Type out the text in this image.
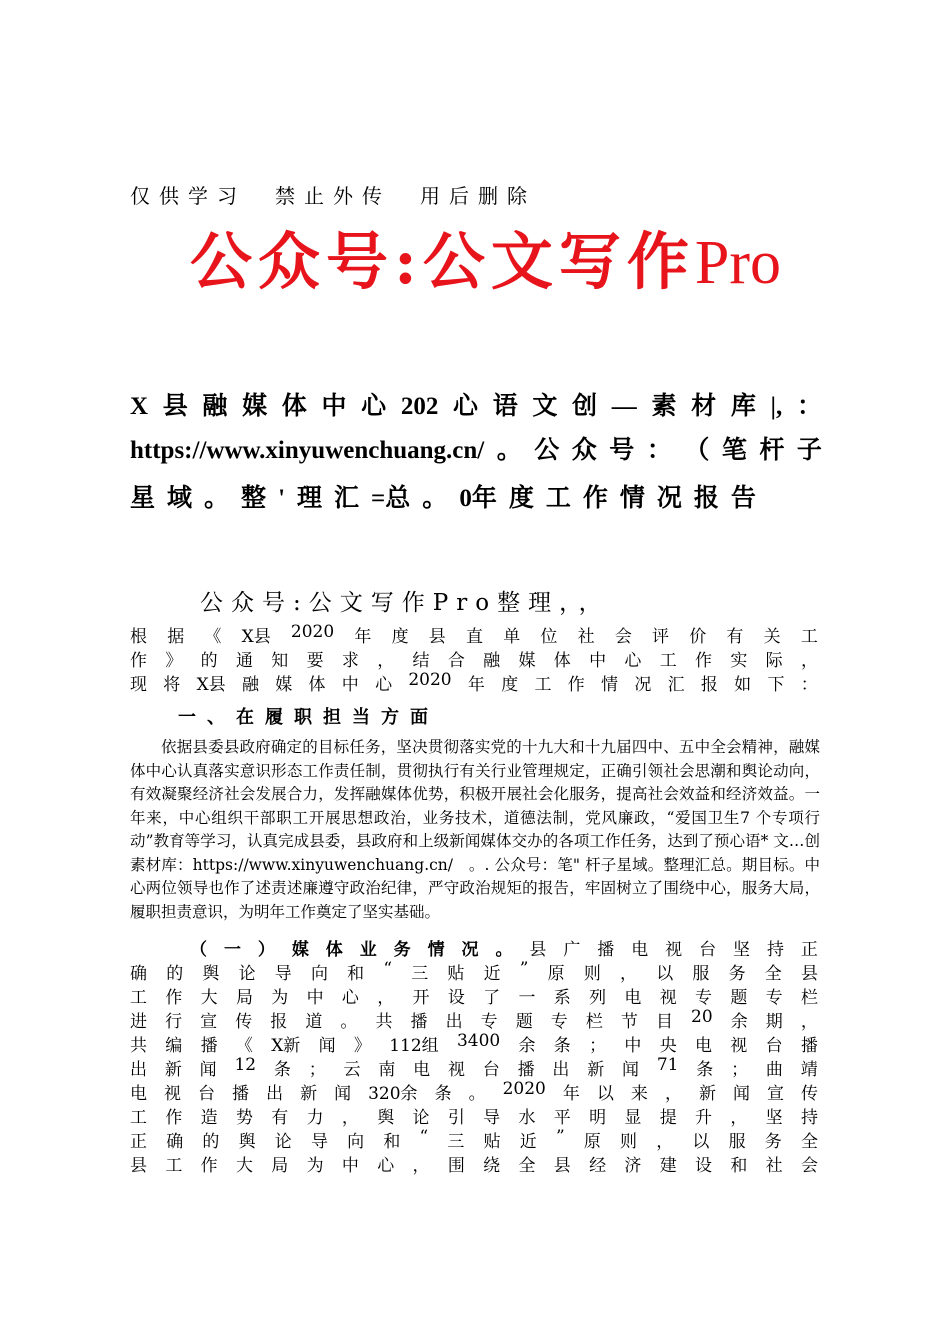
仅供学习　禁止外传　用后删除
公众号:公文写作Pro
X 县 融 媒 体 中 心 202 心 语 文 创 — 素 材 库 |, ：
https://www.xinyuwenchuang.cn/ 。 公 众 号 ： （ 笔 杆 子
星 域 。 整 ' 理 汇 =总 。 0年 度 工 作 情 况 报 告
公众号:公文写作Pro整理，，
根 据 《 X县 2020 年 度 县 直 单 位 社 会 评 价 有 关 工
作 》 的 通 知 要 求 ， 结 合 融 媒 体 中 心 工 作 实 际 ，
现 将 X县 融 媒 体 中 心 2020 年 度 工 作 情 况 汇 报 如 下 ：
一、在履职担当方面
依据县委县政府确定的目标任务，坚决贯彻落实党的十九大和十九届四中、五中全会精神，融媒体中心认真落实意识形态工作责任制，贯彻执行有关行业管理规定，正确引领社会思潮和舆论动向，有效凝聚经济社会发展合力，发挥融媒体优势，积极开展社会化服务，提高社会效益和经济效益。一年来，中心组织干部职工开展思想政治，业务技术，道德法制，党风廉政，“爱国卫生7 个专项行动”教育等学习，认真完成县委，县政府和上级新闻媒体交办的各项工作任务，达到了预心语* 文…创素材库：https://www.xinyuwenchuang.cn/　。. 公众号：笔" 杆子星域。整理汇总。期目标。中心两位领导也作了述责述廉遵守政治纪律，严守政治规矩的报告，牢固树立了围绕中心，服务大局，履职担责意识，为明年工作奠定了坚实基础。
（ 一 ） 媒 体 业 务 情 况 。 县 广 播 电 视 台 坚 持 正
确 的 舆 论 导 向 和 “ 三 贴 近 ” 原 则 ， 以 服 务 全 县
工 作 大 局 为 中 心 ， 开 设 了 一 系 列 电 视 专 题 专 栏
进 行 宣 传 报 道 。 共 播 出 专 题 专 栏 节 目 20 余 期 ，
共 编 播 《 X新 闻 》 112组 3400 余 条 ； 中 央 电 视 台 播
出 新 闻 12 条 ； 云 南 电 视 台 播 出 新 闻 71 条 ； 曲 靖
电 视 台 播 出 新 闻 320余 条 。 2020 年 以 来 ， 新 闻 宣 传
工 作 造 势 有 力 ， 舆 论 引 导 水 平 明 显 提 升 ， 坚 持
正 确 的 舆 论 导 向 和 “ 三 贴 近 ” 原 则 ， 以 服 务 全
县 工 作 大 局 为 中 心 ， 围 绕 全 县 经 济 建 设 和 社 会
